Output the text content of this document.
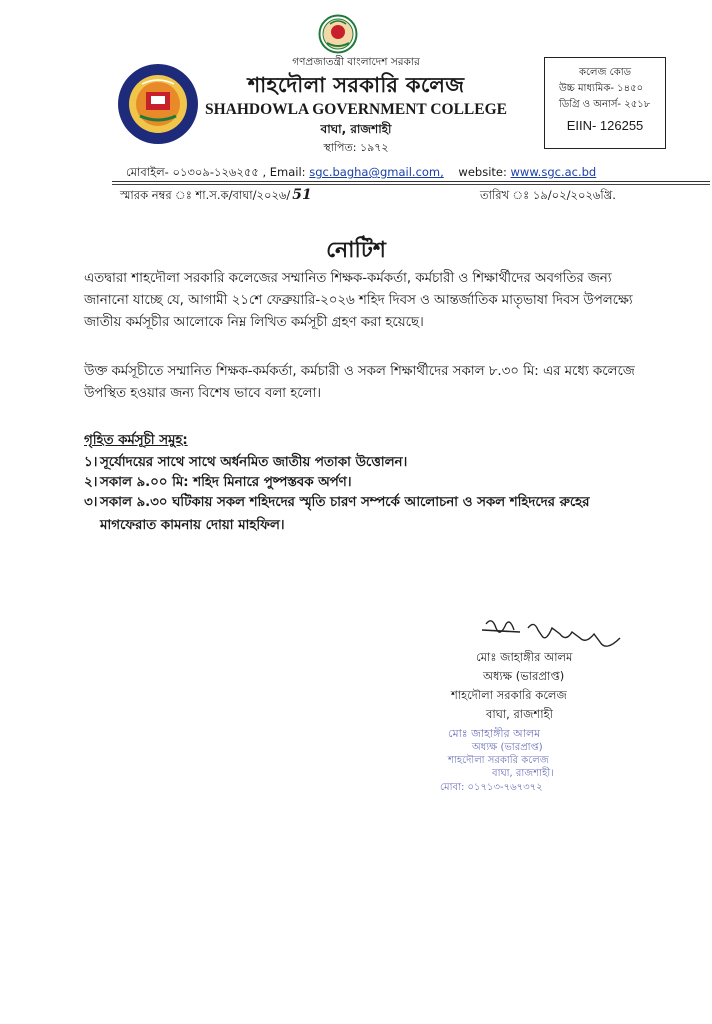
গণপ্রজাতন্ত্রী বাংলাদেশ সরকার
শাহদৌলা সরকারি কলেজ
SHAHDOWLA GOVERNMENT COLLEGE
বাঘা, রাজশাহী
স্থাপিত: ১৯৭২
কলেজ কোড
উচ্চ মাধ্যমিক- ১৪৫০
ডিগ্রি ও অনার্স- ২৫১৮
EIIN- 126255
মোবাইল- ০১৩০৯-১২৬২৫৫ , Email: sgc.bagha@gmail.com, website: www.sgc.ac.bd
স্মারক নম্বর ঃ শা.স.ক/বাঘা/২০২৬/ 51	তারিখ ঃ ১৯/০২/২০২৬খ্রি.
নোটিশ
এতদ্বারা শাহদৌলা সরকারি কলেজের সম্মানিত শিক্ষক-কর্মকর্তা, কর্মচারী ও শিক্ষার্থীদের অবগতির জন্য জানানো যাচ্ছে যে, আগামী ২১শে ফেব্রুয়ারি-২০২৬ শহিদ দিবস ও আন্তর্জাতিক মাতৃভাষা দিবস উপলক্ষ্যে জাতীয় কর্মসূচীর আলোকে নিম্ন লিখিত কর্মসূচী গ্রহণ করা হয়েছে।
উক্ত কর্মসূচীতে সম্মানিত শিক্ষক-কর্মকর্তা, কর্মচারী ও সকল শিক্ষার্থীদের সকাল ৮.৩০ মি: এর মধ্যে কলেজে উপস্থিত হওয়ার জন্য বিশেষ ভাবে বলা হলো।
গৃহিত কর্মসূচী সমুহ:
১। সূর্যোদয়ের সাথে সাথে অর্ধনমিত জাতীয় পতাকা উত্তোলন।
২। সকাল ৯.০০ মি: শহিদ মিনারে পুষ্পস্তবক অর্পণ।
৩। সকাল ৯.৩০ ঘটিকায় সকল শহিদদের স্মৃতি চারণ সম্পর্কে আলোচনা ও সকল শহিদদের রুহের
মাগফেরাত কামনায় দোয়া মাহফিল।
মোঃ জাহাঙ্গীর আলম
অধ্যক্ষ (ভারপ্রাপ্ত)
শাহদৌলা সরকারি কলেজ
বাঘা, রাজশাহী
মোঃ জাহাঙ্গীর আলম
অধ্যক্ষ (ভারপ্রাপ্ত)
শাহদৌলা সরকারি কলেজ
বাঘা, রাজশাহী।
মোবা: ০১৭১৩-৭৬৭৩৭২
